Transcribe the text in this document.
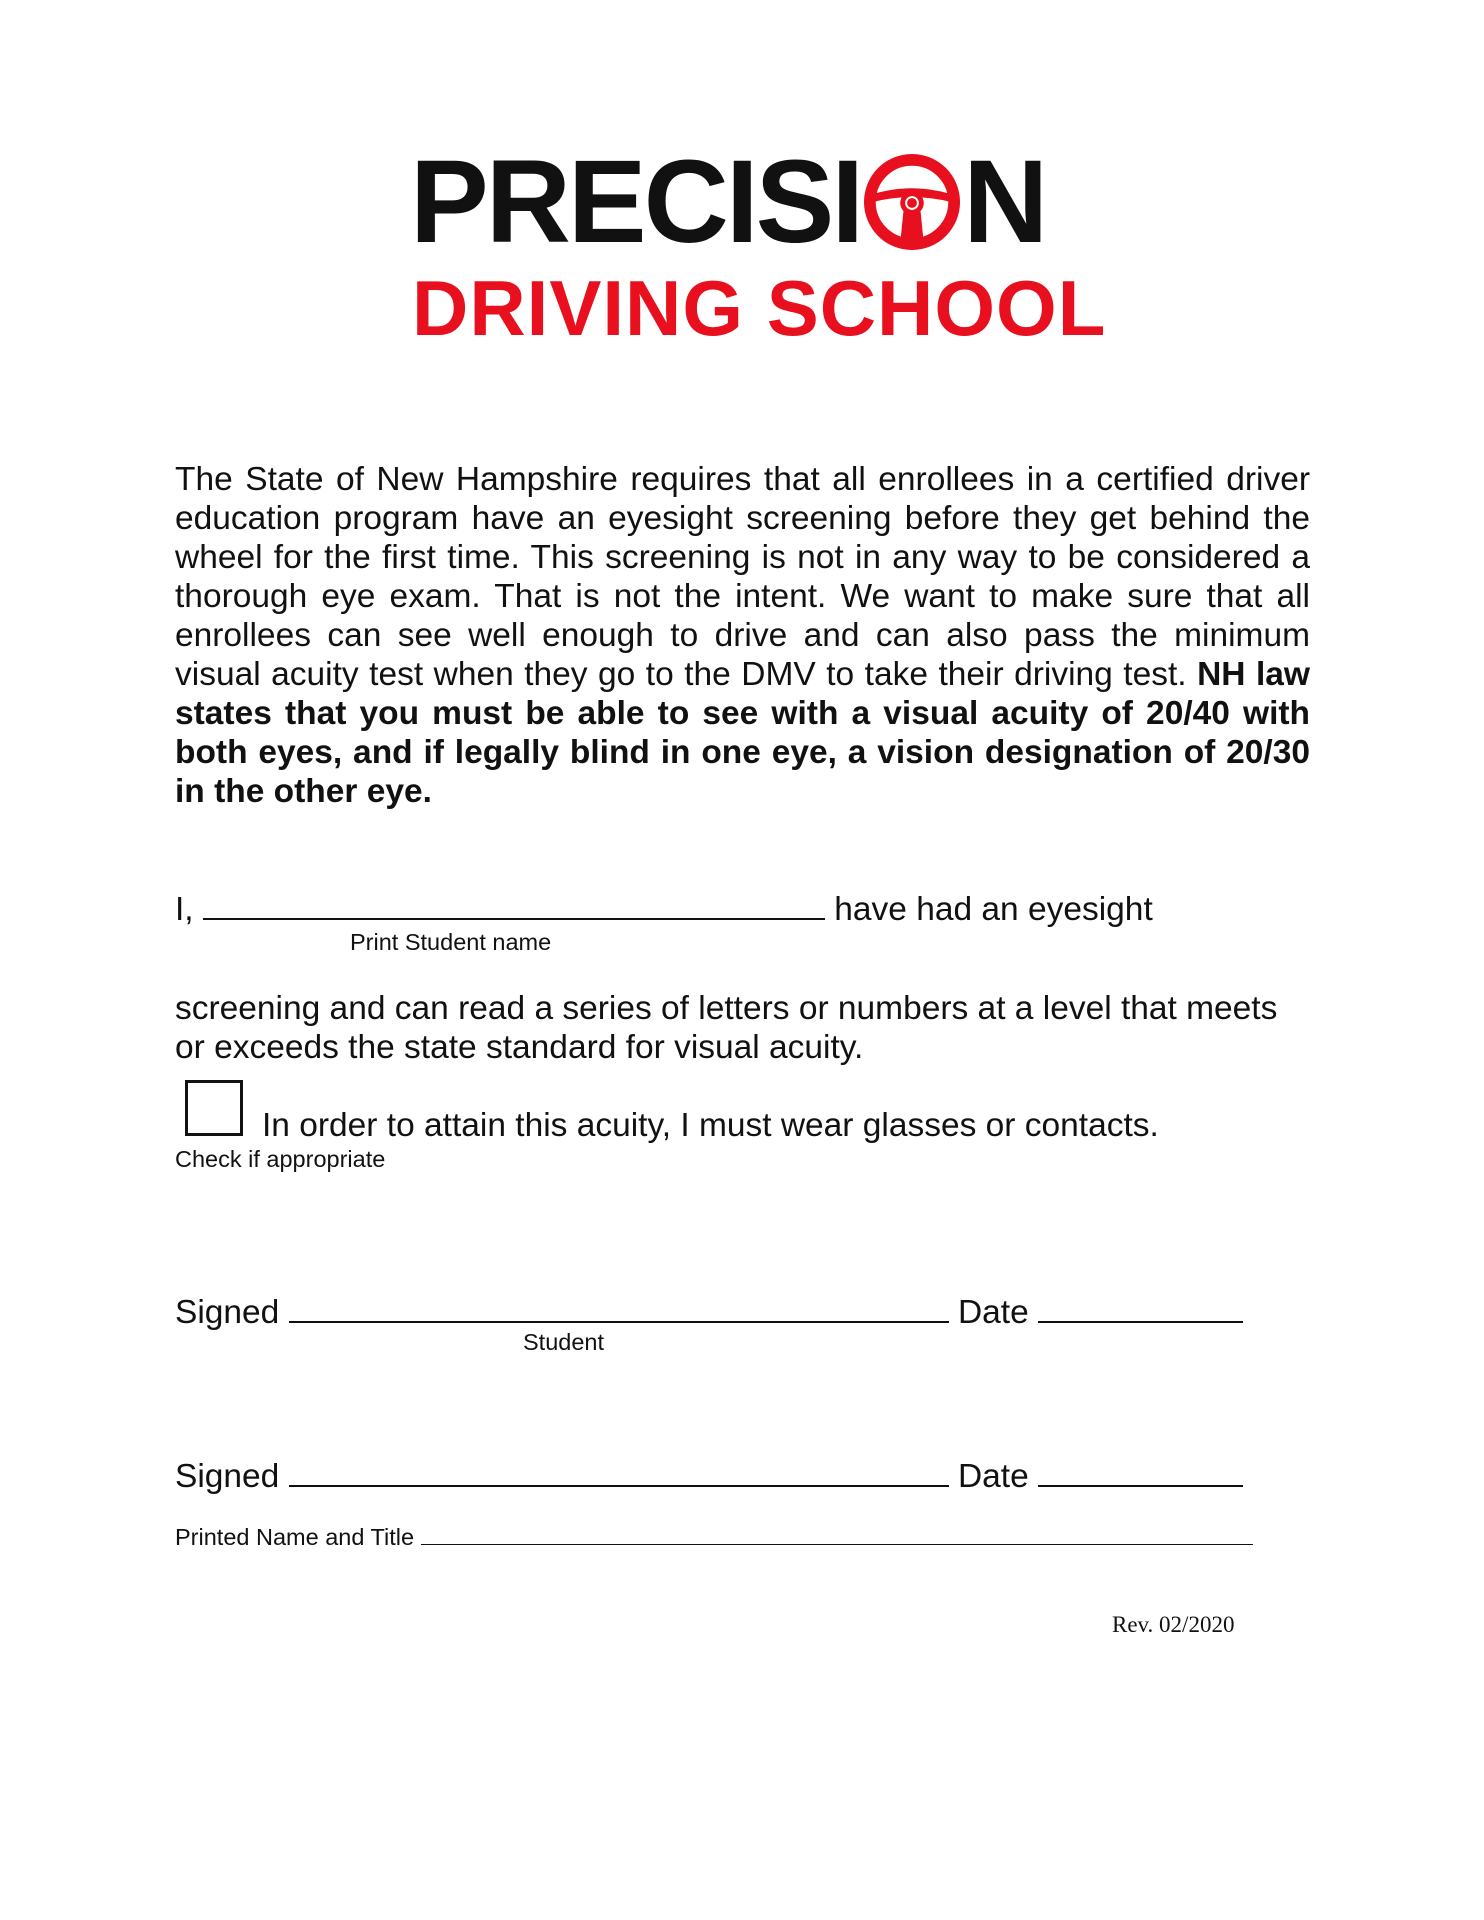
PRECISI N
DRIVING SCHOOL
The State of New Hampshire requires that all enrollees in a certified driver education program have an eyesight screening before they get behind the wheel for the first time. This screening is not in any way to be considered a thorough eye exam. That is not the intent. We want to make sure that all enrollees can see well enough to drive and can also pass the minimum visual acuity test when they go to the DMV to take their driving test. NH law states that you must be able to see with a visual acuity of 20/40 with both eyes, and if legally blind in one eye, a vision designation of 20/30 in the other eye.
I,	have had an eyesight
Print Student name
screening and can read a series of letters or numbers at a level that meets
or exceeds the state standard for visual acuity.
In order to attain this acuity, I must wear glasses or contacts.
Check if appropriate
Signed	Date
Student
Signed	Date
Printed Name and Title
Rev. 02/2020
